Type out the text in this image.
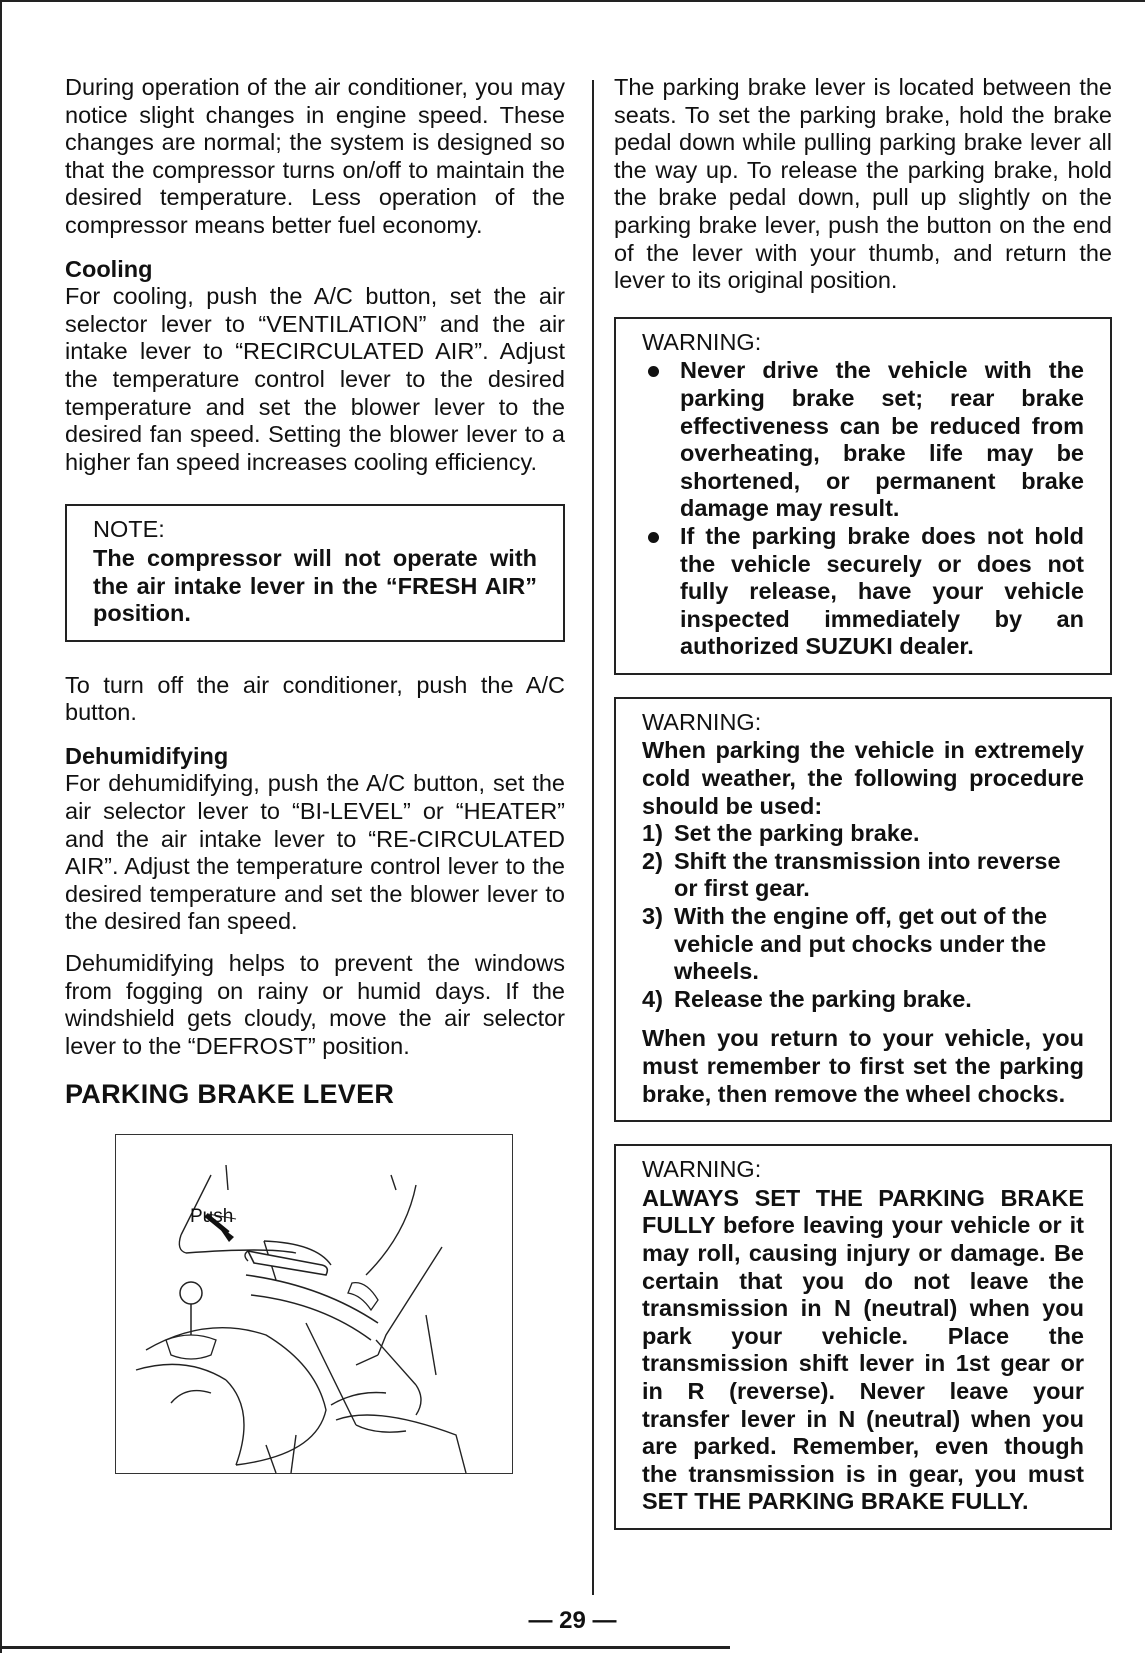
During operation of the air conditioner, you may notice slight changes in engine speed. These changes are normal; the system is designed so that the compressor turns on/off to maintain the desired temperature. Less operation of the compressor means better fuel economy.

Cooling

For cooling, push the A/C button, set the air selector lever to “VENTILATION” and the air intake lever to “RECIRCULATED AIR”. Adjust the temperature control lever to the desired temperature and set the blower lever to the desired fan speed. Setting the blower lever to a higher fan speed increases cooling efficiency.

NOTE:
The compressor will not operate with the air intake lever in the “FRESH AIR” position.

To turn off the air conditioner, push the A/C button.

Dehumidifying

For dehumidifying, push the A/C button, set the air selector lever to “BI-LEVEL” or “HEATER” and the air intake lever to “RE-CIRCULATED AIR”. Adjust the temperature control lever to the desired temperature and set the blower lever to the desired fan speed.

Dehumidifying helps to prevent the windows from fogging on rainy or humid days. If the windshield gets cloudy, move the air selector lever to the “DEFROST” position.

PARKING BRAKE LEVER
Push

The parking brake lever is located between the seats. To set the parking brake, hold the brake pedal down while pulling parking brake lever all the way up. To release the parking brake, hold the brake pedal down, pull up slightly on the parking brake lever, push the button on the end of the lever with your thumb, and return the lever to its original position.

WARNING:
Never drive the vehicle with the parking brake set; rear brake effectiveness can be reduced from overheating, brake life may be shortened, or permanent brake damage may result.
If the parking brake does not hold the vehicle securely or does not fully release, have your vehicle inspected immediately by an authorized SUZUKI dealer.
WARNING:
When parking the vehicle in extremely cold weather, the following procedure should be used:
1) Set the parking brake.
2) Shift the transmission into reverse or first gear.
3) With the engine off, get out of the vehicle and put chocks under the wheels.
4) Release the parking brake.
When you return to your vehicle, you must remember to first set the parking brake, then remove the wheel chocks.
WARNING:
ALWAYS SET THE PARKING BRAKE FULLY before leaving your vehicle or it may roll, causing injury or damage. Be certain that you do not leave the transmission in N (neutral) when you park your vehicle. Place the transmission shift lever in 1st gear or in R (reverse). Never leave your transfer lever in N (neutral) when you are parked. Remember, even though the transmission is in gear, you must SET THE PARKING BRAKE FULLY.
— 29 —
